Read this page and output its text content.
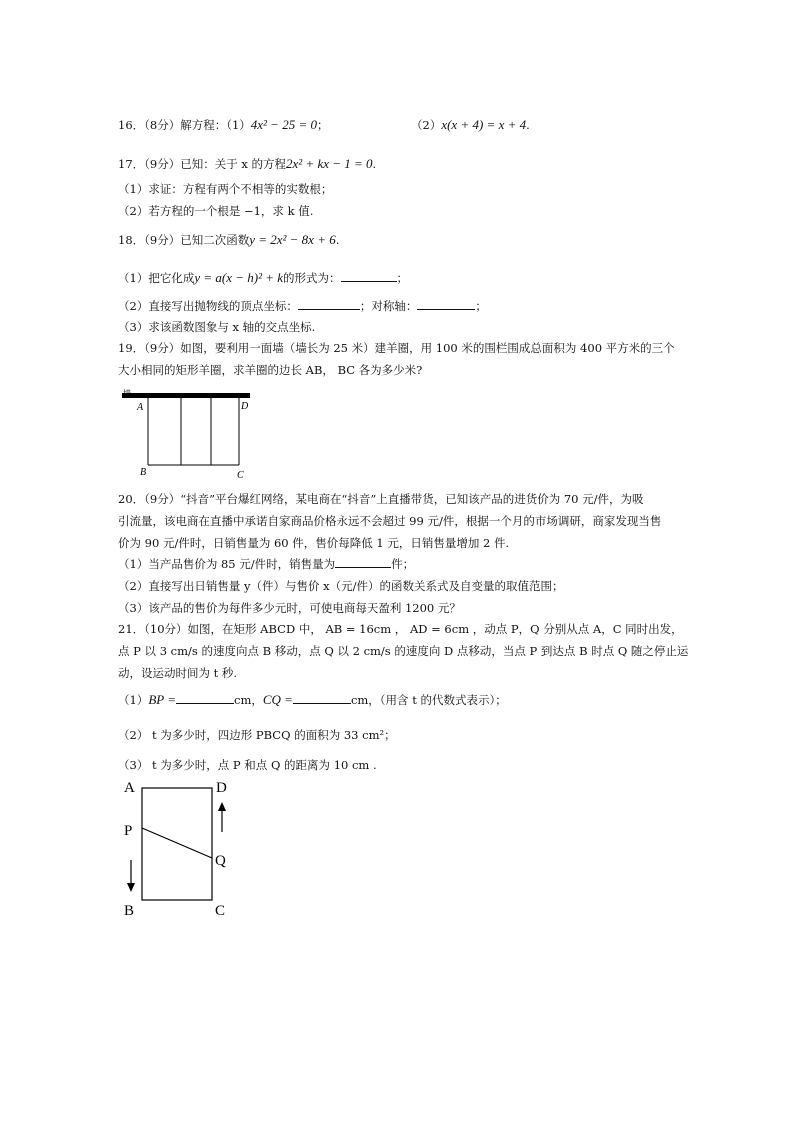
16．（8分）解方程：（1）4x² − 25 = 0；	（2）x(x + 4) = x + 4.
17．（9分）已知：关于 x 的方程2x² + kx − 1 = 0.
（1）求证：方程有两个不相等的实数根；
（2）若方程的一个根是 −1，求 k 值.
18．（9分）已知二次函数y = 2x² − 8x + 6.
（1）把它化成y = a(x − h)² + k的形式为：	；
（2）直接写出抛物线的顶点坐标：	；对称轴：	；
（3）求该函数图象与 x 轴的交点坐标.
19．（9分）如图，要利用一面墙（墙长为 25 米）建羊圈，用 100 米的围栏围成总面积为 400 平方米的三个
大小相同的矩形羊圈，求羊圈的边长 AB， BC 各为多少米?
墙
A	D
B	C
20．（9分）“抖音”平台爆红网络，某电商在“抖音”上直播带货，已知该产品的进货价为 70 元/件，为吸
引流量，该电商在直播中承诺自家商品价格永远不会超过 99 元/件，根据一个月的市场调研，商家发现当售
价为 90 元/件时，日销售量为 60 件，售价每降低 1 元，日销售量增加 2 件.
（1）当产品售价为 85 元/件时，销售量为	件；
（2）直接写出日销售量 y（件）与售价 x（元/件）的函数关系式及自变量的取值范围；
（3）该产品的售价为每件多少元时，可使电商每天盈利 1200 元？
21．（10分）如图，在矩形 ABCD 中， AB = 16cm ， AD = 6cm ，动点 P，Q 分别从点 A，C 同时出发，
点 P 以 3 cm/s 的速度向点 B 移动，点 Q 以 2 cm/s 的速度向 D 点移动，当点 P 到达点 B 时点 Q 随之停止运
动，设运动时间为 t 秒.
（1）BP =	cm，CQ =	cm，（用含 t 的代数式表示）；
（2） t 为多少时，四边形 PBCQ 的面积为 33 cm²；
（3） t 为多少时，点 P 和点 Q 的距离为 10 cm .
A	D
P
Q
B	C
